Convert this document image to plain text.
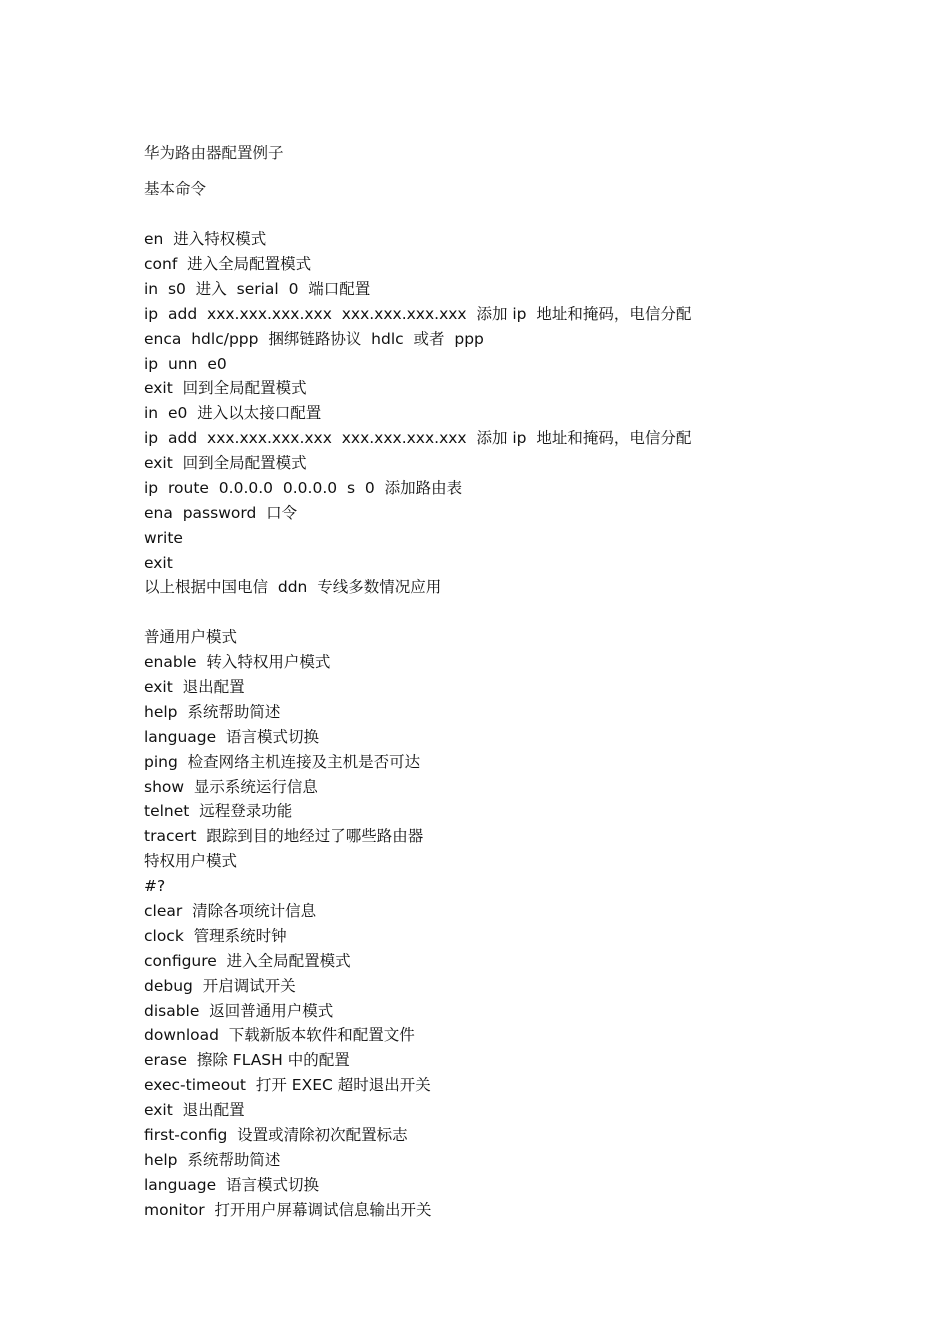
华为路由器配置例子
基本命令
en  进入特权模式
conf  进入全局配置模式
in  s0  进入  serial  0  端口配置
ip  add  xxx.xxx.xxx.xxx  xxx.xxx.xxx.xxx  添加 ip  地址和掩码，电信分配
enca  hdlc/ppp  捆绑链路协议  hdlc  或者  ppp
ip  unn  e0
exit  回到全局配置模式
in  e0  进入以太接口配置
ip  add  xxx.xxx.xxx.xxx  xxx.xxx.xxx.xxx  添加 ip  地址和掩码，电信分配
exit  回到全局配置模式
ip  route  0.0.0.0  0.0.0.0  s  0  添加路由表
ena  password  口令
write
exit
以上根据中国电信  ddn  专线多数情况应用
普通用户模式
enable  转入特权用户模式
exit  退出配置
help  系统帮助简述
language  语言模式切换
ping  检查网络主机连接及主机是否可达
show  显示系统运行信息
telnet  远程登录功能
tracert  跟踪到目的地经过了哪些路由器
特权用户模式
#?
clear  清除各项统计信息
clock  管理系统时钟
configure  进入全局配置模式
debug  开启调试开关
disable  返回普通用户模式
download  下载新版本软件和配置文件
erase  擦除 FLASH 中的配置
exec-timeout  打开 EXEC 超时退出开关
exit  退出配置
first-config  设置或清除初次配置标志
help  系统帮助简述
language  语言模式切换
monitor  打开用户屏幕调试信息输出开关
